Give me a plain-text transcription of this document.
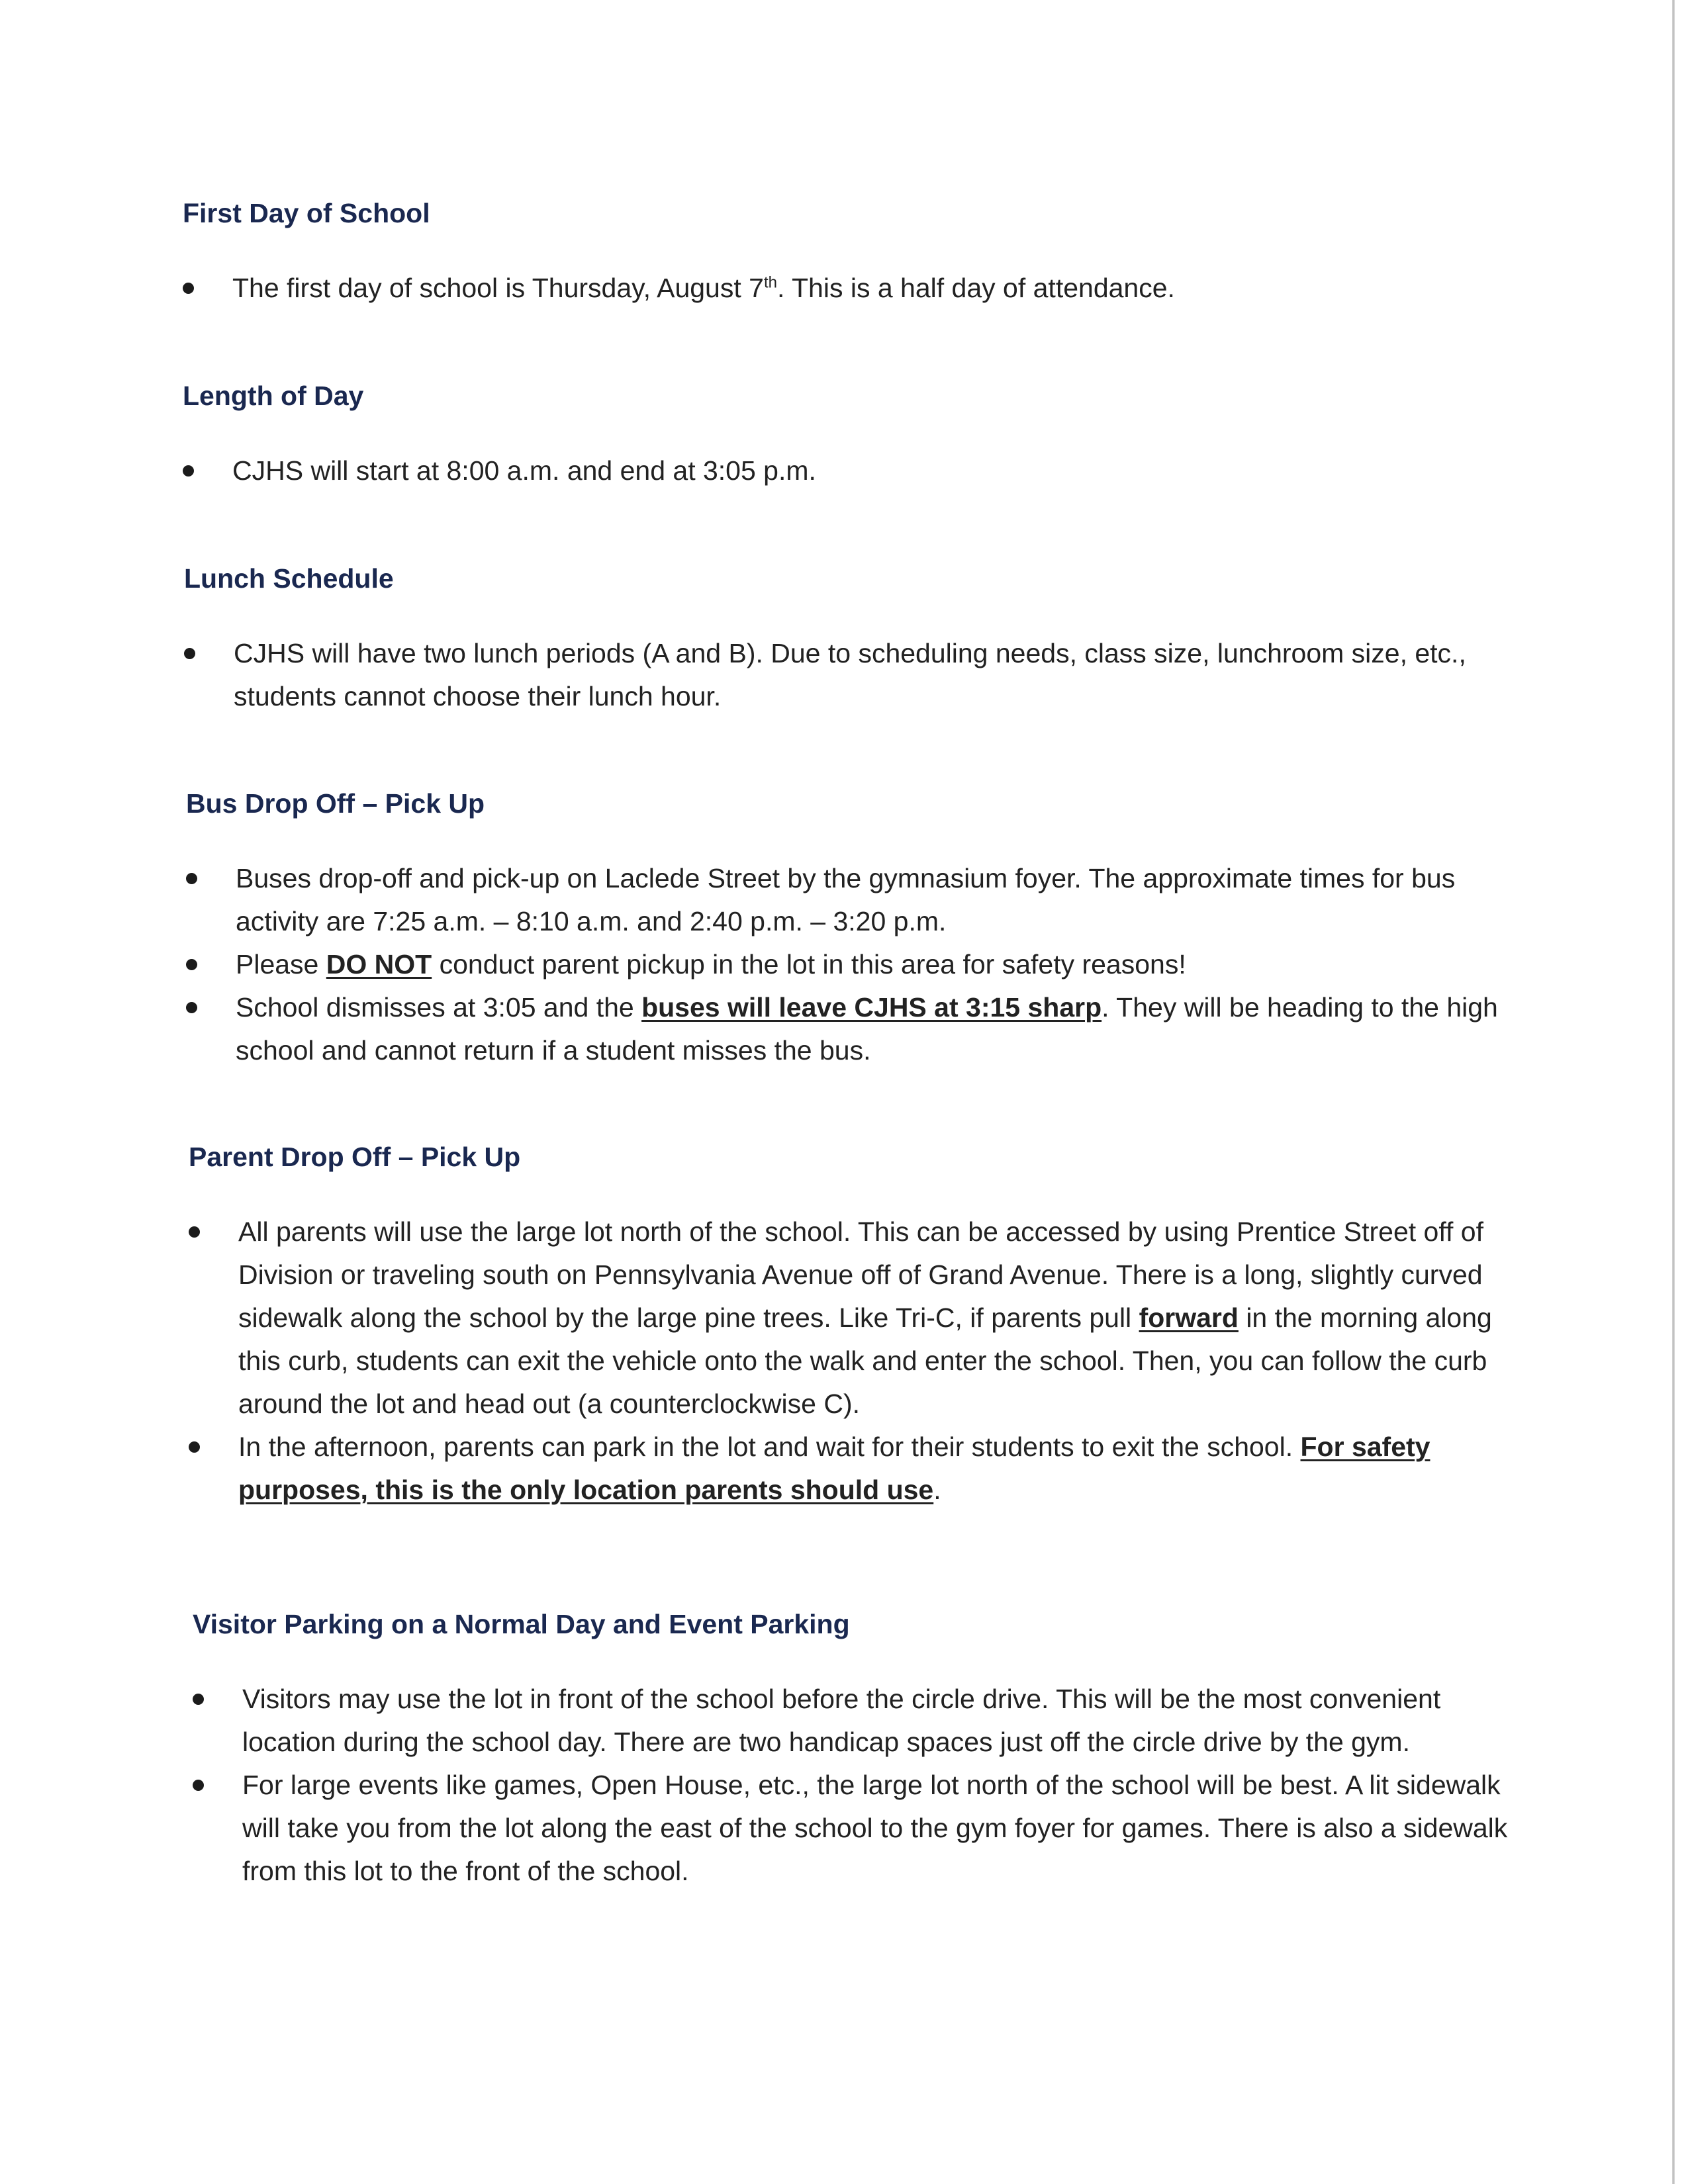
First Day of School
The first day of school is Thursday, August 7th. This is a half day of attendance.
Length of Day
CJHS will start at 8:00 a.m. and end at 3:05 p.m.
Lunch Schedule
CJHS will have two lunch periods (A and B). Due to scheduling needs, class size, lunchroom size, etc., students cannot choose their lunch hour.
Bus Drop Off – Pick Up
Buses drop-off and pick-up on Laclede Street by the gymnasium foyer. The approximate times for bus activity are 7:25 a.m. – 8:10 a.m. and 2:40 p.m. – 3:20 p.m.
Please DO NOT conduct parent pickup in the lot in this area for safety reasons!
School dismisses at 3:05 and the buses will leave CJHS at 3:15 sharp. They will be heading to the high school and cannot return if a student misses the bus.
Parent Drop Off – Pick Up
All parents will use the large lot north of the school. This can be accessed by using Prentice Street off of Division or traveling south on Pennsylvania Avenue off of Grand Avenue. There is a long, slightly curved sidewalk along the school by the large pine trees. Like Tri-C, if parents pull forward in the morning along this curb, students can exit the vehicle onto the walk and enter the school. Then, you can follow the curb around the lot and head out (a counterclockwise C).
In the afternoon, parents can park in the lot and wait for their students to exit the school. For safety purposes, this is the only location parents should use.
Visitor Parking on a Normal Day and Event Parking
Visitors may use the lot in front of the school before the circle drive. This will be the most convenient location during the school day. There are two handicap spaces just off the circle drive by the gym.
For large events like games, Open House, etc., the large lot north of the school will be best. A lit sidewalk will take you from the lot along the east of the school to the gym foyer for games. There is also a sidewalk from this lot to the front of the school.
